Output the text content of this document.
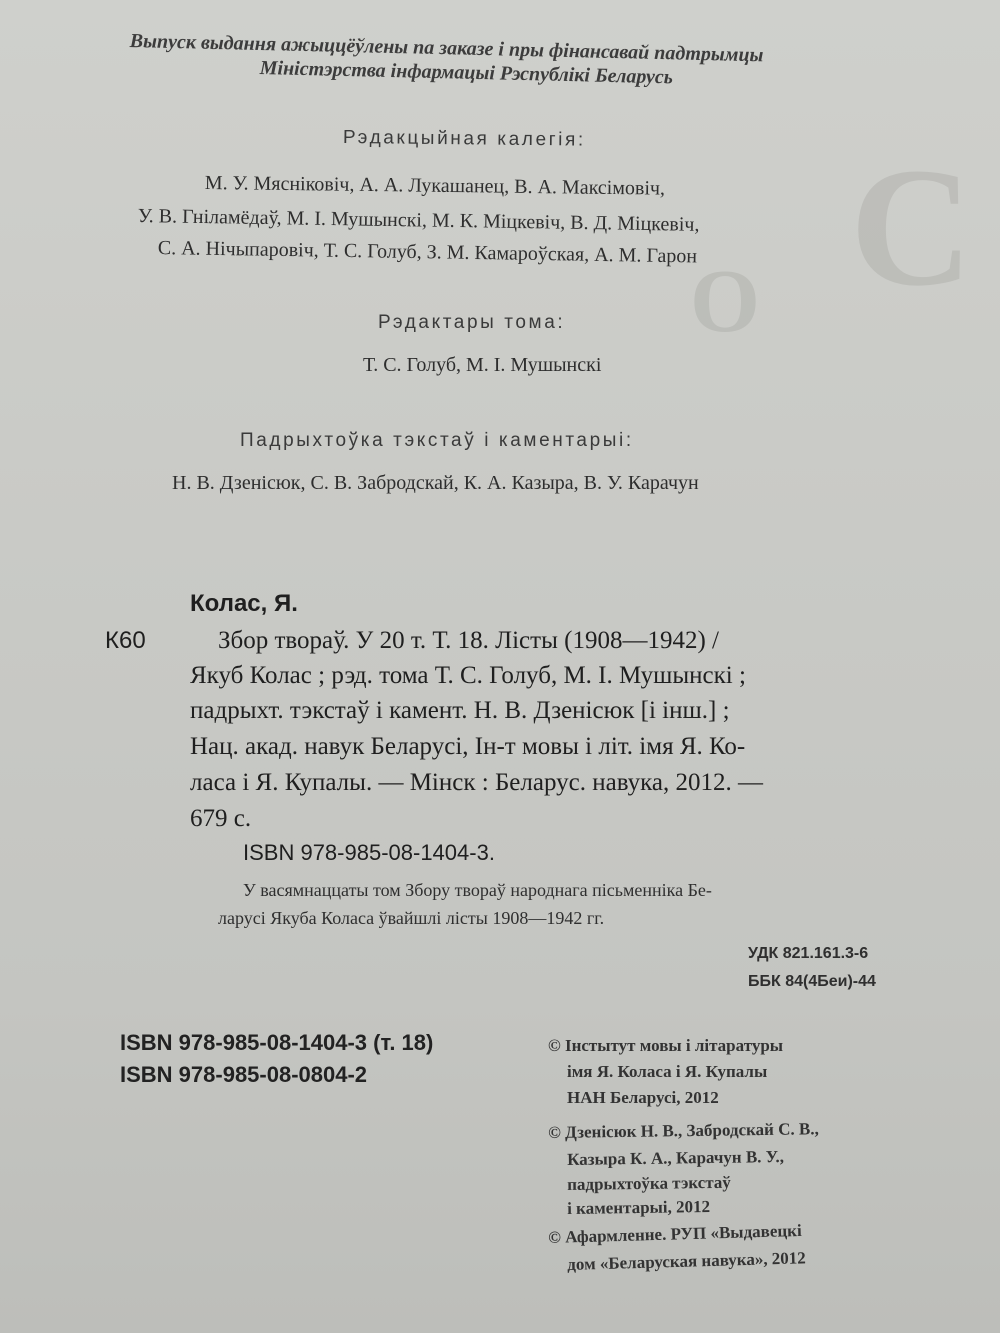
С
О
Выпуск выдання ажыццёўлены па заказе і пры фінансавай падтрымцы
Міністэрства інфармацыі Рэспублікі Беларусь
Рэдакцыйная калегія:
М. У. Мясніковіч, А. А. Лукашанец, В. А. Максімовіч,
У. В. Гніламёдаў, М. І. Мушынскі, М. К. Міцкевіч, В. Д. Міцкевіч,
С. А. Нічыпаровіч, Т. С. Голуб, З. М. Камароўская, А. М. Гарон
Рэдактары тома:
Т. С. Голуб, М. І. Мушынскі
Падрыхтоўка тэкстаў і каментарыі:
Н. В. Дзенісюк, С. В. Забродскай, К. А. Казыра, В. У. Карачун
Колас, Я.
К60	Збор твораў. У 20 т. Т. 18. Лісты (1908—1942) /
Якуб Колас ; рэд. тома Т. С. Голуб, М. І. Мушынскі ;
падрыхт. тэкстаў і камент. Н. В. Дзенісюк [і інш.] ;
Нац. акад. навук Беларусі, Ін-т мовы і літ. імя Я. Ко-
ласа і Я. Купалы. — Мінск : Беларус. навука, 2012. —
679 с.
ISBN 978-985-08-1404-3.
У васямнаццаты том Збору твораў народнага пісьменніка Бе-
ларусі Якуба Коласа ўвайшлі лісты 1908—1942 гг.
УДК 821.161.3-6
ББК 84(4Беи)-44
ISBN 978-985-08-1404-3 (т. 18)
ISBN 978-985-08-0804-2
© Інстытут мовы і літаратуры
імя Я. Коласа і Я. Купалы
НАН Беларусі, 2012
© Дзенісюк Н. В., Забродскай С. В.,
Казыра К. А., Карачун В. У.,
падрыхтоўка тэкстаў
і каментарыі, 2012
© Афармленне. РУП «Выдавецкі
дом «Беларуская навука», 2012
